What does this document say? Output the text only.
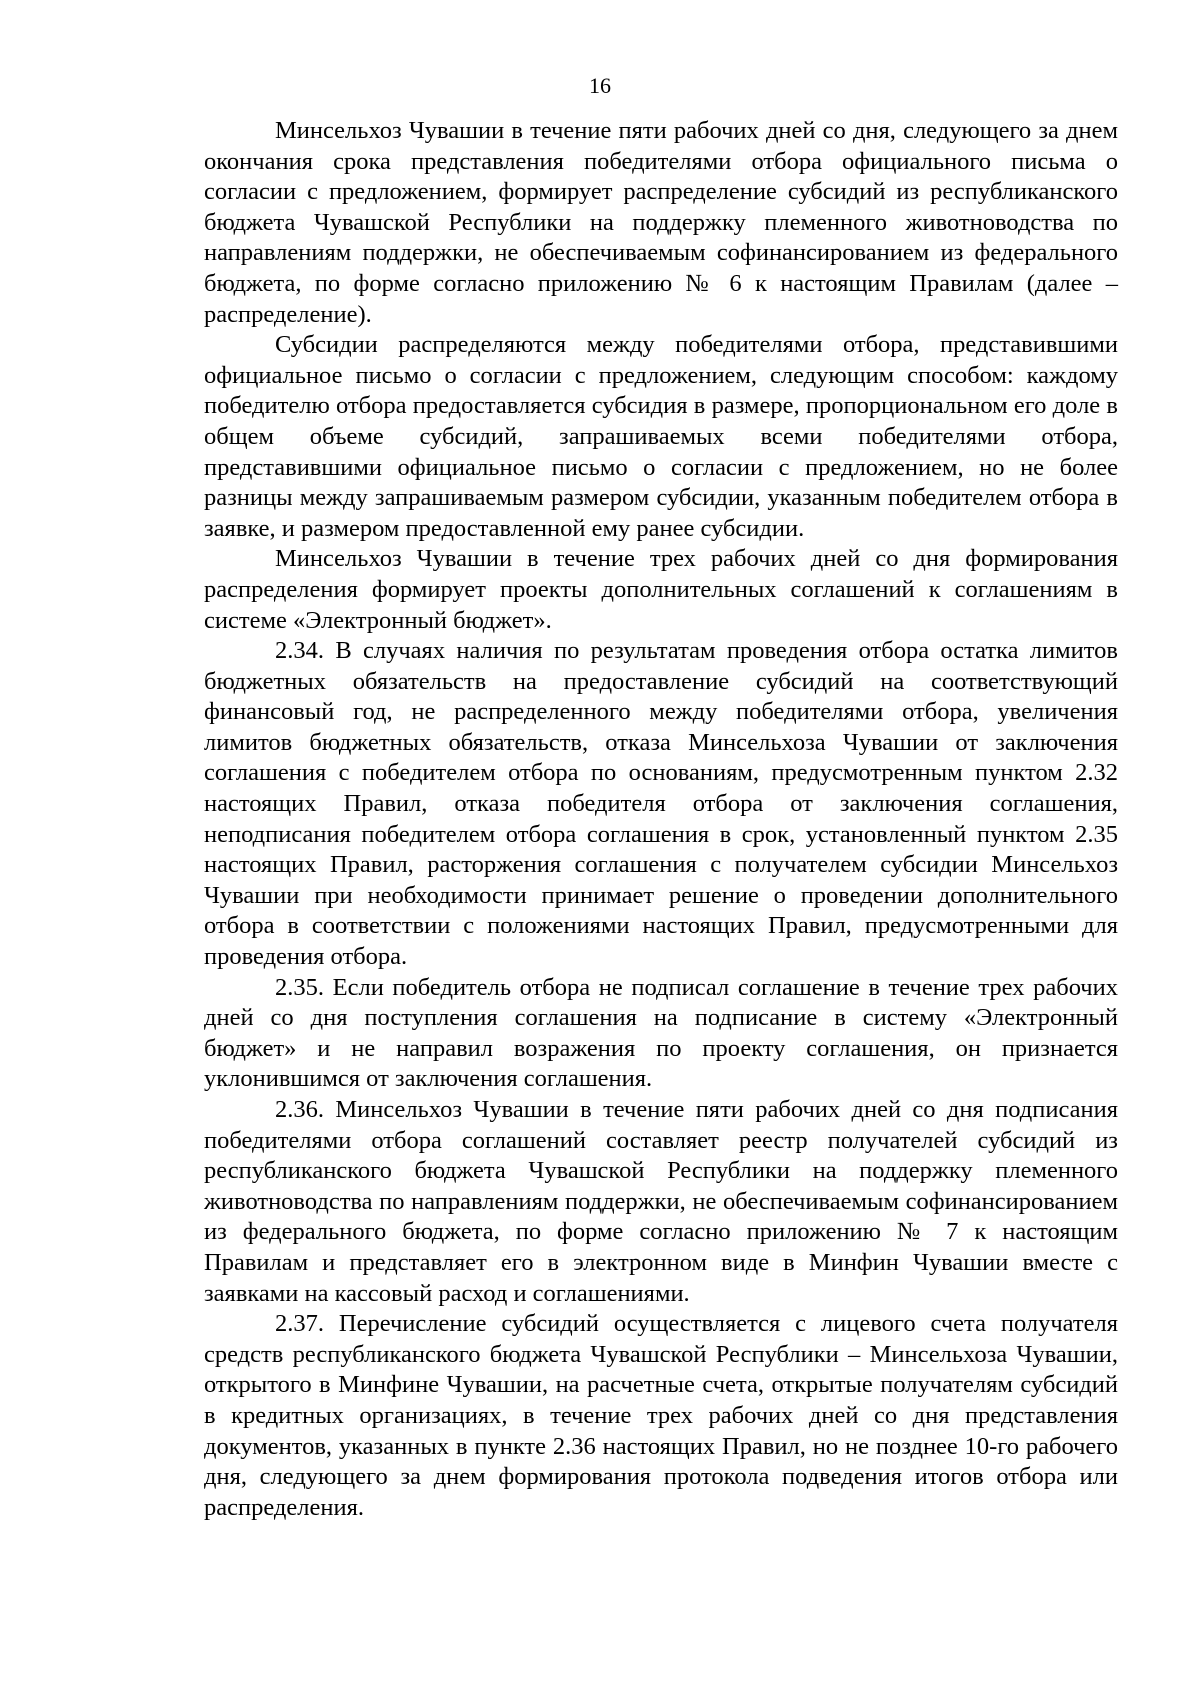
16

Минсельхоз Чувашии в течение пяти рабочих дней со дня, следующего за днем окончания срока представления победителями отбора официального письма о согласии с предложением, формирует распределение субсидий из республиканского бюджета Чувашской Республики на поддержку племенного животноводства по направлениям поддержки, не обеспечиваемым софинансированием из федерального бюджета, по форме согласно приложению № 6 к настоящим Правилам (далее – распределение).

Субсидии распределяются между победителями отбора, представившими официальное письмо о согласии с предложением, следующим способом: каждому победителю отбора предоставляется субсидия в размере, пропорциональном его доле в общем объеме субсидий, запрашиваемых всеми победителями отбора, представившими официальное письмо о согласии с предложением, но не более разницы между запрашиваемым размером субсидии, указанным победителем отбора в заявке, и размером предоставленной ему ранее субсидии.

Минсельхоз Чувашии в течение трех рабочих дней со дня формирования распределения формирует проекты дополнительных соглашений к соглашениям в системе «Электронный бюджет».

2.34. В случаях наличия по результатам проведения отбора остатка лимитов бюджетных обязательств на предоставление субсидий на соответствующий финансовый год, не распределенного между победителями отбора, увеличения лимитов бюджетных обязательств, отказа Минсельхоза Чувашии от заключения соглашения с победителем отбора по основаниям, предусмотренным пунктом 2.32 настоящих Правил, отказа победителя отбора от заключения соглашения, неподписания победителем отбора соглашения в срок, установленный пунктом 2.35 настоящих Правил, расторжения соглашения с получателем субсидии Минсельхоз Чувашии при необходимости принимает решение о проведении дополнительного отбора в соответствии с положениями настоящих Правил, предусмотренными для проведения отбора.

2.35. Если победитель отбора не подписал соглашение в течение трех рабочих дней со дня поступления соглашения на подписание в систему «Электронный бюджет» и не направил возражения по проекту соглашения, он признается уклонившимся от заключения соглашения.

2.36. Минсельхоз Чувашии в течение пяти рабочих дней со дня подписания победителями отбора соглашений составляет реестр получателей субсидий из республиканского бюджета Чувашской Республики на поддержку племенного животноводства по направлениям поддержки, не обеспечиваемым софинансированием из федерального бюджета, по форме согласно приложению № 7 к настоящим Правилам и представляет его в электронном виде в Минфин Чувашии вместе с заявками на кассовый расход и соглашениями.

2.37. Перечисление субсидий осуществляется с лицевого счета получателя средств республиканского бюджета Чувашской Республики – Минсельхоза Чувашии, открытого в Минфине Чувашии, на расчетные счета, открытые получателям субсидий в кредитных организациях, в течение трех рабочих дней со дня представления документов, указанных в пункте 2.36 настоящих Правил, но не позднее 10-го рабочего дня, следующего за днем формирования протокола подведения итогов отбора или распределения.
